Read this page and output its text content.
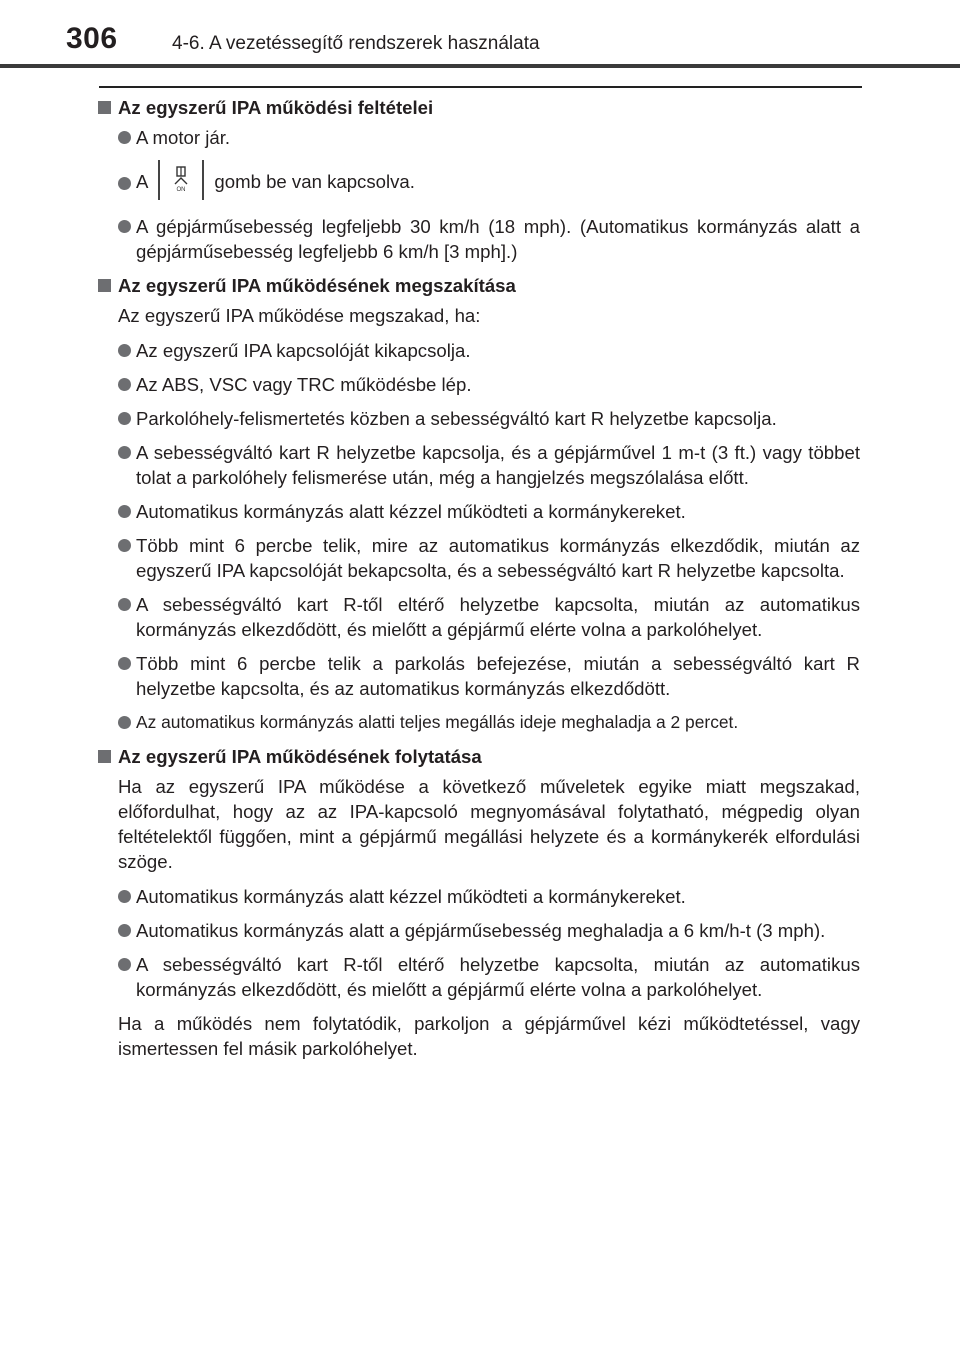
306	4-6. A vezetéssegítő rendszerek használata
Az egyszerű IPA működési feltételei
A motor jár.
A	ON gomb be van kapcsolva.
A gépjárműsebesség legfeljebb 30 km/h (18 mph). (Automatikus kormányzás alatt a gépjárműsebesség legfeljebb 6 km/h [3 mph].)
Az egyszerű IPA működésének megszakítása
Az egyszerű IPA működése megszakad, ha:
Az egyszerű IPA kapcsolóját kikapcsolja.
Az ABS, VSC vagy TRC működésbe lép.
Parkolóhely-felismertetés közben a sebességváltó kart R helyzetbe kapcsolja.
A sebességváltó kart R helyzetbe kapcsolja, és a gépjárművel 1 m-t (3 ft.) vagy többet tolat a parkolóhely felismerése után, még a hangjelzés megszólalása előtt.
Automatikus kormányzás alatt kézzel működteti a kormánykereket.
Több mint 6 percbe telik, mire az automatikus kormányzás elkezdődik, miután az egyszerű IPA kapcsolóját bekapcsolta, és a sebességváltó kart R helyzetbe kapcsolta.
A sebességváltó kart R-től eltérő helyzetbe kapcsolta, miután az automatikus kormányzás elkezdődött, és mielőtt a gépjármű elérte volna a parkolóhelyet.
Több mint 6 percbe telik a parkolás befejezése, miután a sebességváltó kart R helyzetbe kapcsolta, és az automatikus kormányzás elkezdődött.
Az automatikus kormányzás alatti teljes megállás ideje meghaladja a 2 percet.
Az egyszerű IPA működésének folytatása
Ha az egyszerű IPA működése a következő műveletek egyike miatt megszakad, előfordulhat, hogy az az IPA-kapcsoló megnyomásával folytatható, mégpedig olyan feltételektől függően, mint a gépjármű megállási helyzete és a kormánykerék elfordulási szöge.
Automatikus kormányzás alatt kézzel működteti a kormánykereket.
Automatikus kormányzás alatt a gépjárműsebesség meghaladja a 6 km/h-t (3 mph).
A sebességváltó kart R-től eltérő helyzetbe kapcsolta, miután az automatikus kormányzás elkezdődött, és mielőtt a gépjármű elérte volna a parkolóhelyet.
Ha a működés nem folytatódik, parkoljon a gépjárművel kézi működtetéssel, vagy ismertessen fel másik parkolóhelyet.
